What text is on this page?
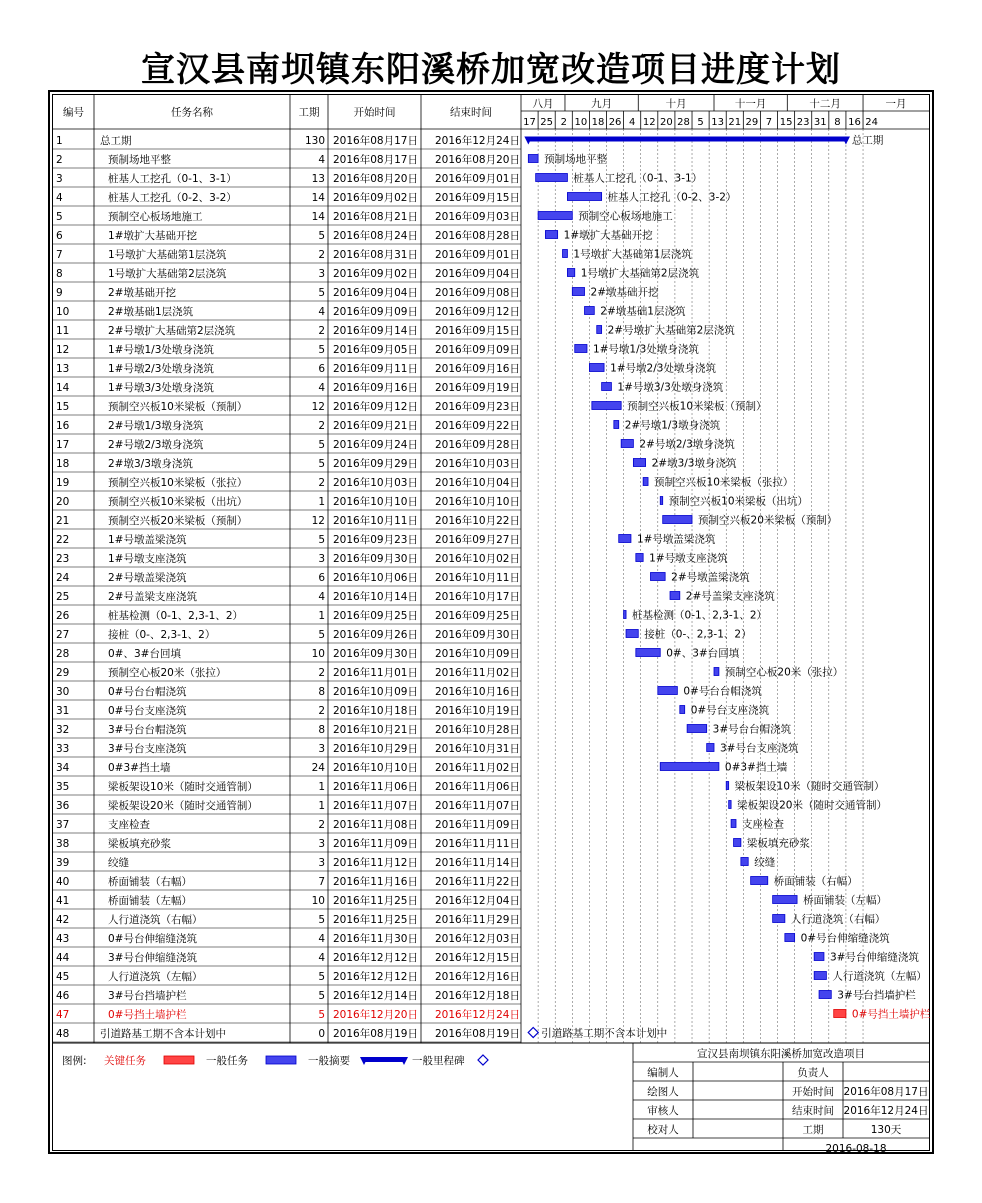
宣汉县南坝镇东阳溪桥加宽改造项目进度计划
编号	任务名称	工期	开始时间	结束时间
八月	九月	十月	十一月	十二月	一月
17 25 2 10 18 26 4 12 20 28 5 13 21 29 7 15 23 31 8 16 24
1	总工期	130 2016年08月17日 2016年12月24日	总工期
2	预制场地平整	4 2016年08月17日 2016年08月20日 预制场地平整
3	桩基人工挖孔（0-1、3-1）	13 2016年08月20日 2016年09月01日	桩基人工挖孔（0-1、3-1）
4	桩基人工挖孔（0-2、3-2）	14 2016年09月02日 2016年09月15日	桩基人工挖孔（0-2、3-2）
5	预制空心板场地施工	14 2016年08月21日 2016年09月03日	预制空心板场地施工
6	1#墩扩大基础开挖	5 2016年08月24日 2016年08月28日	1#墩扩大基础开挖
7	1号墩扩大基础第1层浇筑	2 2016年08月31日 2016年09月01日	1号墩扩大基础第1层浇筑
8	1号墩扩大基础第2层浇筑	3 2016年09月02日 2016年09月04日	1号墩扩大基础第2层浇筑
9	2#墩基础开挖	5 2016年09月04日 2016年09月08日	2#墩基础开挖
10	2#墩基础1层浇筑	4 2016年09月09日 2016年09月12日	2#墩基础1层浇筑
11	2#号墩扩大基础第2层浇筑	2 2016年09月14日 2016年09月15日	2#号墩扩大基础第2层浇筑
12	1#号墩1/3处墩身浇筑	5 2016年09月05日 2016年09月09日	1#号墩1/3处墩身浇筑
13	1#号墩2/3处墩身浇筑	6 2016年09月11日 2016年09月16日	1#号墩2/3处墩身浇筑
14	1#号墩3/3处墩身浇筑	4 2016年09月16日 2016年09月19日	1#号墩3/3处墩身浇筑
15	预制空兴板10米梁板（预制）	12 2016年09月12日 2016年09月23日	预制空兴板10米梁板（预制）
16	2#号墩1/3墩身浇筑	2 2016年09月21日 2016年09月22日	2#号墩1/3墩身浇筑
17	2#号墩2/3墩身浇筑	5 2016年09月24日 2016年09月28日	2#号墩2/3墩身浇筑
18	2#墩3/3墩身浇筑	5 2016年09月29日 2016年10月03日	2#墩3/3墩身浇筑
19	预制空兴板10米梁板（张拉）	2 2016年10月03日 2016年10月04日	预制空兴板10米梁板（张拉）
20	预制空兴板10米梁板（出坑）	1 2016年10月10日 2016年10月10日	预制空兴板10米梁板（出坑）
21	预制空兴板20米梁板（预制）	12 2016年10月11日 2016年10月22日	预制空兴板20米梁板（预制）
22	1#号墩盖梁浇筑	5 2016年09月23日 2016年09月27日	1#号墩盖梁浇筑
23	1#号墩支座浇筑	3 2016年09月30日 2016年10月02日	1#号墩支座浇筑
24	2#号墩盖梁浇筑	6 2016年10月06日 2016年10月11日	2#号墩盖梁浇筑
25	2#号盖梁支座浇筑	4 2016年10月14日 2016年10月17日	2#号盖梁支座浇筑
26	桩基检测（0-1、2,3-1、2）	1 2016年09月25日 2016年09月25日	桩基检测（0-1、2,3-1、2）
27	接桩（0-、2,3-1、2）	5 2016年09月26日 2016年09月30日	接桩（0-、2,3-1、2）
28	0#、3#台回填	10 2016年09月30日 2016年10月09日	0#、3#台回填
29	预制空心板20米（张拉）	2 2016年11月01日 2016年11月02日	预制空心板20米（张拉）
30	0#号台台帽浇筑	8 2016年10月09日 2016年10月16日	0#号台台帽浇筑
31	0#号台支座浇筑	2 2016年10月18日 2016年10月19日	0#号台支座浇筑
32	3#号台台帽浇筑	8 2016年10月21日 2016年10月28日	3#号台台帽浇筑
33	3#号台支座浇筑	3 2016年10月29日 2016年10月31日	3#号台支座浇筑
34	0#3#挡土墙	24 2016年10月10日 2016年11月02日	0#3#挡土墙
35	梁板架设10米（随时交通管制）	1 2016年11月06日 2016年11月06日	梁板架设10米（随时交通管制）
36	梁板架设20米（随时交通管制）	1 2016年11月07日 2016年11月07日	梁板架设20米（随时交通管制）
37	支座检查	2 2016年11月08日 2016年11月09日	支座检查
38	梁板填充砂浆	3 2016年11月09日 2016年11月11日	梁板填充砂浆
39	绞缝	3 2016年11月12日 2016年11月14日	绞缝
40	桥面铺装（右幅）	7 2016年11月16日 2016年11月22日	桥面铺装（右幅）
41	桥面铺装（左幅）	10 2016年11月25日 2016年12月04日	桥面铺装（左幅）
42	人行道浇筑（右幅）	5 2016年11月25日 2016年11月29日	人行道浇筑（右幅）
43	0#号台伸缩缝浇筑	4 2016年11月30日 2016年12月03日	0#号台伸缩缝浇筑
44	3#号台伸缩缝浇筑	4 2016年12月12日 2016年12月15日	3#号台伸缩缝浇筑
45	人行道浇筑（左幅）	5 2016年12月12日 2016年12月16日	人行道浇筑（左幅）
46	3#号台挡墙护栏	5 2016年12月14日 2016年12月18日	3#号台挡墙护栏
47	0#号挡土墙护栏	5 2016年12月20日 2016年12月24日	0#号挡土墙护栏
48	引道路基工期不含本计划中	0 2016年08月19日 2016年08月19日 引道路基工期不含本计划中
图例: 关键任务	一般任务	一般摘要	一般里程碑
宣汉县南坝镇东阳溪桥加宽改造项目
编制人
绘图人
审核人
校对人
负责人
开始时间 2016年08月17日
结束时间 2016年12月24日
工期	130天
2016-08-18
